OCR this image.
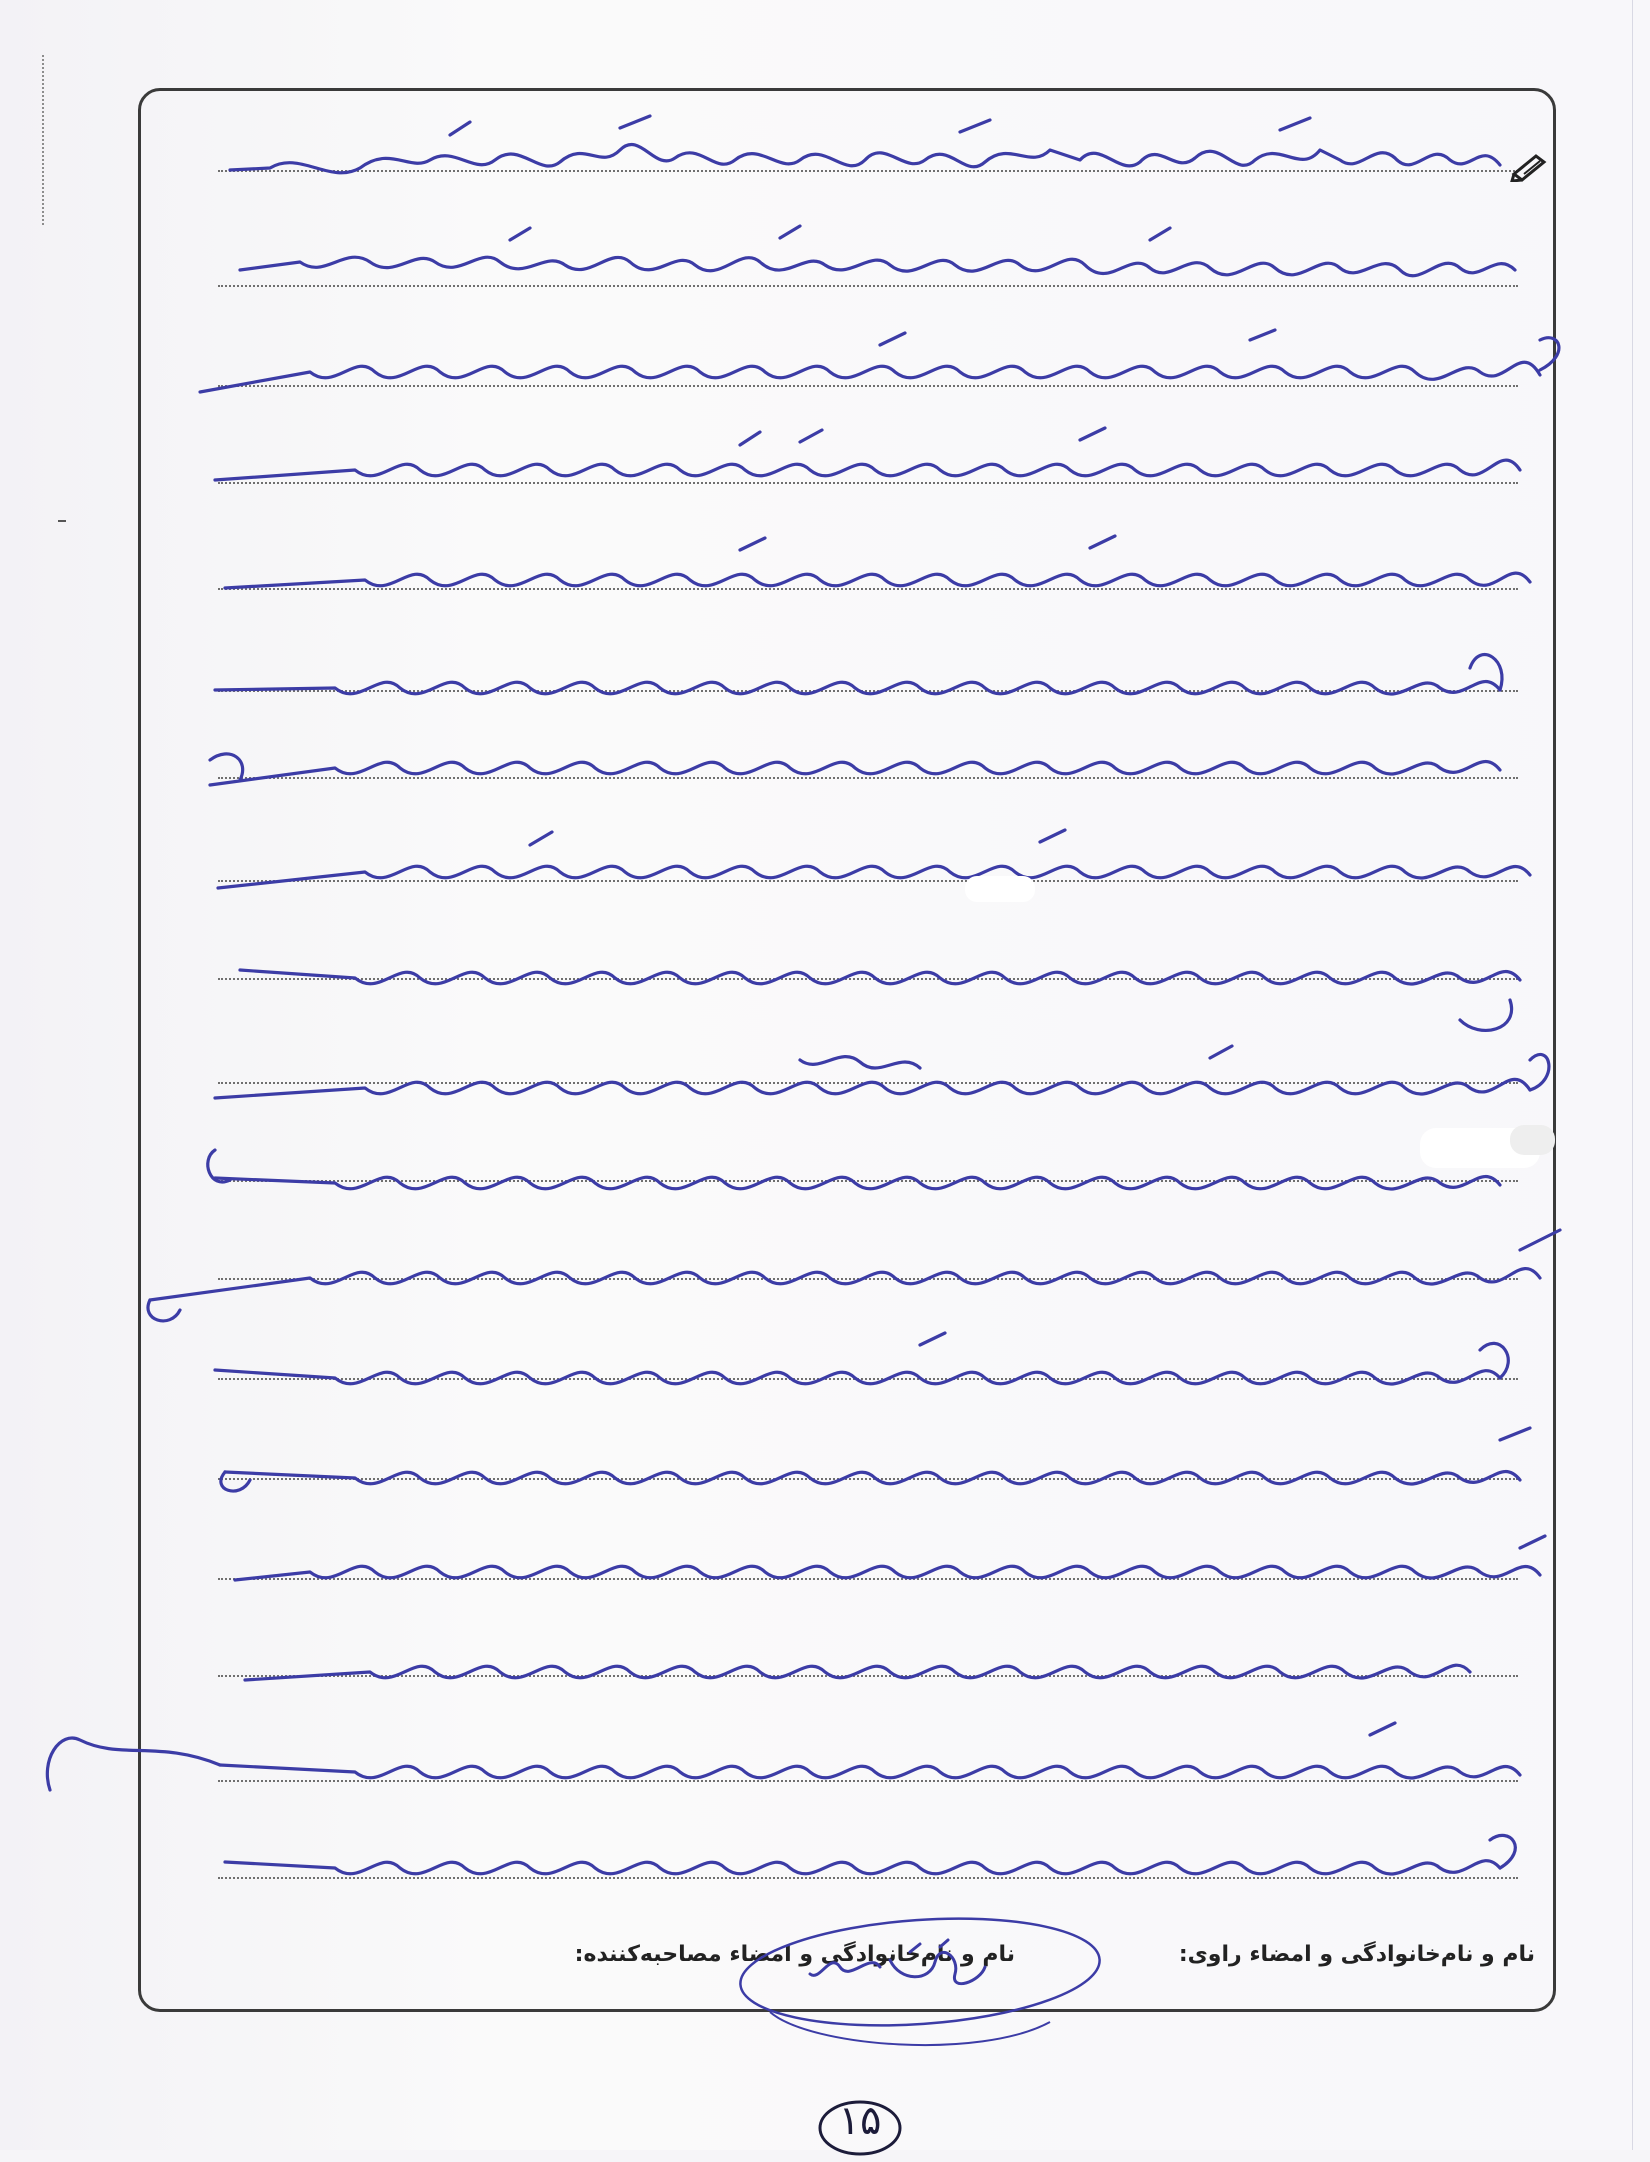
نام و نام‌خانوادگی و امضاء راوی:
نام و نام‌خانوادگی و امضاء مصاحبه‌کننده:
۱۵
